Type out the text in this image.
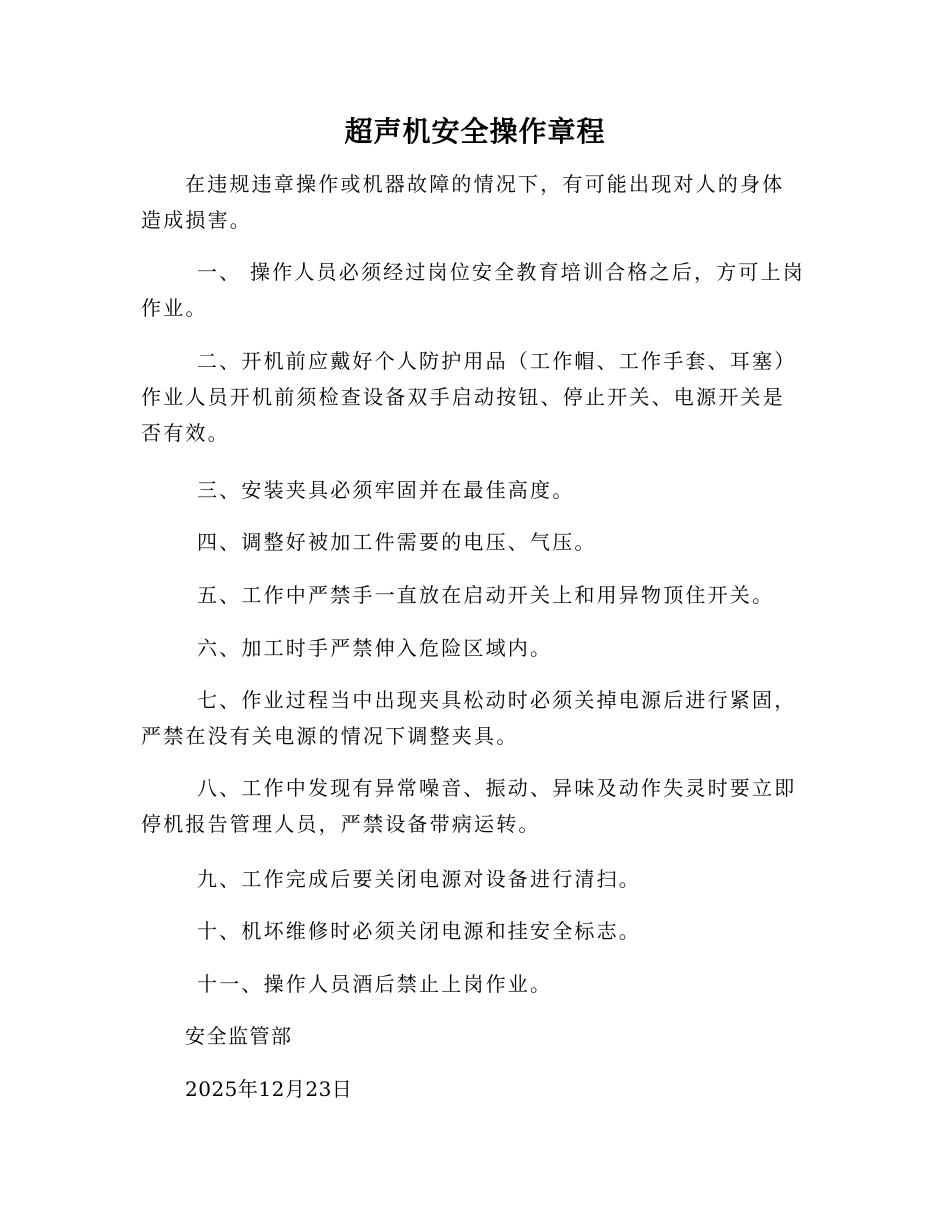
超声机安全操作章程

在违规违章操作或机器故障的情况下，有可能出现对人的身体造成损害。

一、 操作人员必须经过岗位安全教育培训合格之后，方可上岗作业。

二、开机前应戴好个人防护用品（工作帽、工作手套、耳塞）作业人员开机前须检查设备双手启动按钮、停止开关、电源开关是否有效。

三、安装夹具必须牢固并在最佳高度。

四、调整好被加工件需要的电压、气压。

五、工作中严禁手一直放在启动开关上和用异物顶住开关。

六、加工时手严禁伸入危险区域内。

七、作业过程当中出现夹具松动时必须关掉电源后进行紧固，严禁在没有关电源的情况下调整夹具。

八、工作中发现有异常噪音、振动、异味及动作失灵时要立即停机报告管理人员，严禁设备带病运转。

九、工作完成后要关闭电源对设备进行清扫。

十、机坏维修时必须关闭电源和挂安全标志。

十一、操作人员酒后禁止上岗作业。

安全监管部

2025年12月23日
